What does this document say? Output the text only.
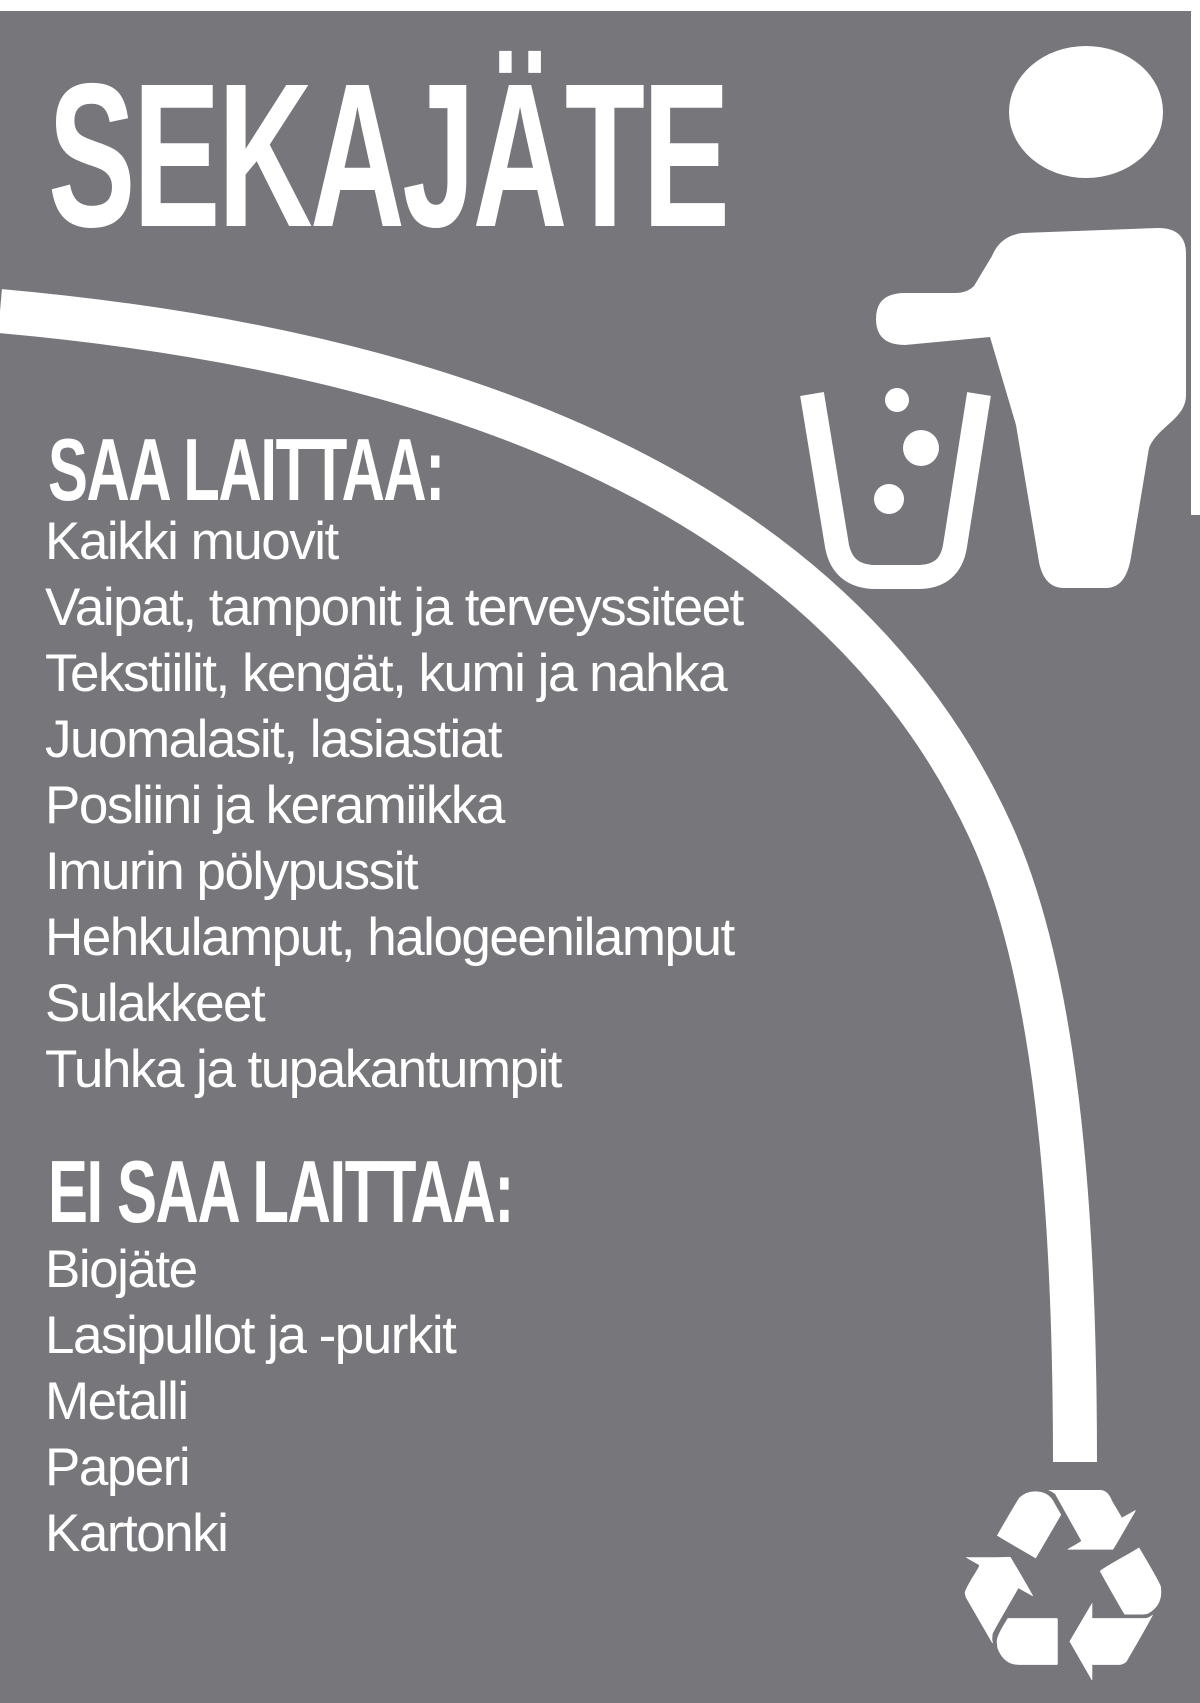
SEKAJÄTE
SAA LAITTAA:
Kaikki muovit
Vaipat, tamponit ja terveyssiteet
Tekstiilit, kengät, kumi ja nahka
Juomalasit, lasiastiat
Posliini ja keramiikka
Imurin pölypussit
Hehkulamput, halogeenilamput
Sulakkeet
Tuhka ja tupakantumpit
EI SAA LAITTAA:
Biojäte
Lasipullot ja -purkit
Metalli
Paperi
Kartonki	♻
